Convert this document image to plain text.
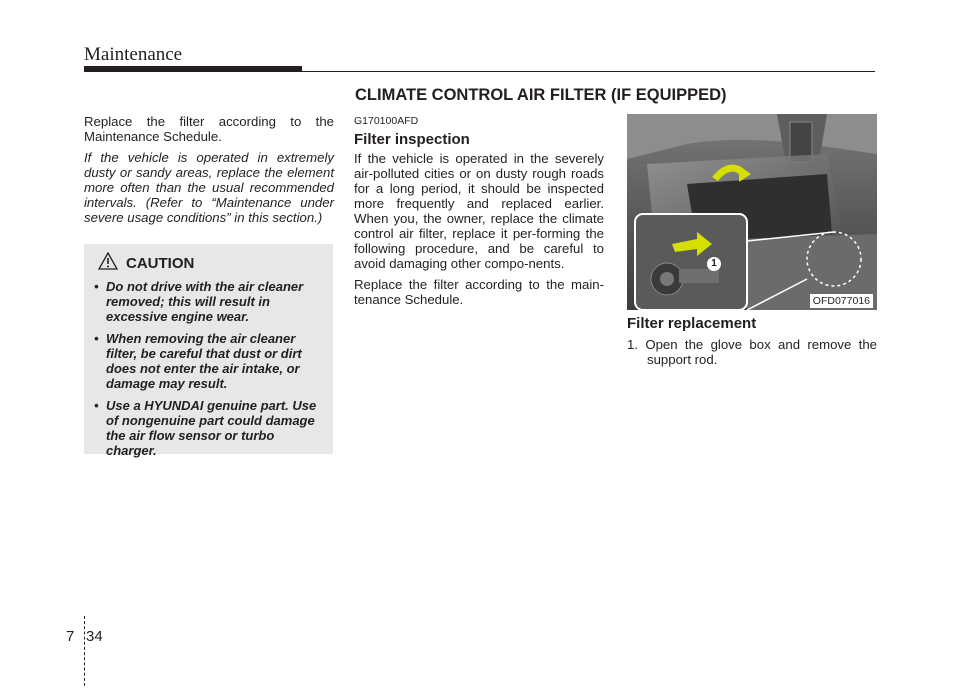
Maintenance
CLIMATE CONTROL AIR FILTER (IF EQUIPPED)

Replace the filter according to the Maintenance Schedule.

If the vehicle is operated in extremely dusty or sandy areas, replace the element more often than the usual recommended intervals. (Refer to “Maintenance under severe usage conditions” in this section.)

CAUTION
• Do not drive with the air cleaner removed; this will result in excessive engine wear.
• When removing the air cleaner filter, be careful that dust or dirt does not enter the air intake, or damage may result.
• Use a HYUNDAI genuine part. Use of nongenuine part could damage the air flow sensor or turbo charger.

G170100AFD

Filter inspection

If the vehicle is operated in the severely air-polluted cities or on dusty rough roads for a long period, it should be inspected more frequently and replaced earlier. When you, the owner, replace the climate control air filter, replace it per-forming the following procedure, and be careful to avoid damaging other compo-nents.

Replace the filter according to the main-tenance Schedule.

1
OFD077016

Filter replacement

1. Open the glove box and remove the support rod.

7 34
